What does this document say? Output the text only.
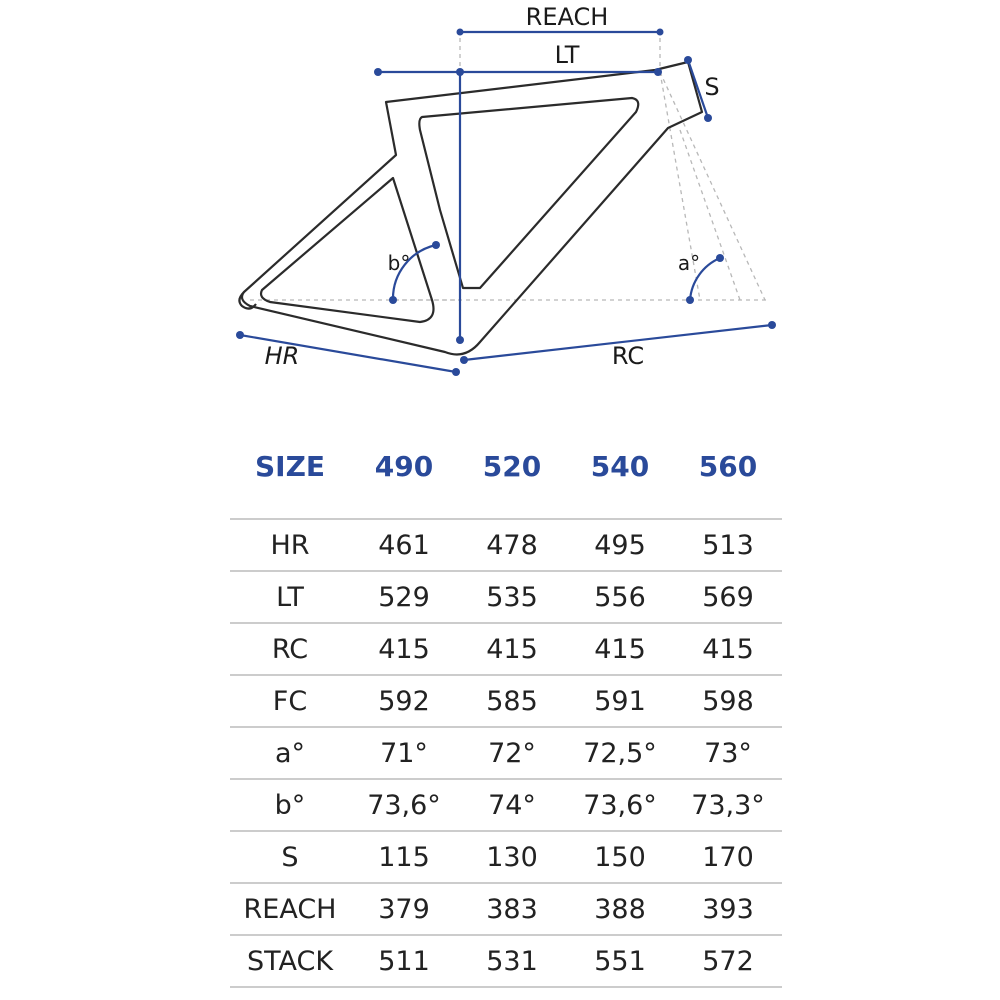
REACH
LT
S
HR	RC
b°	a°
SIZE	490	520	540	560

HR	461	478	495	513
LT	529	535	556	569
RC	415	415	415	415
FC	592	585	591	598
a°	71°	72°	72,5°	73°
b°	73,6°	74°	73,6°	73,3°
S	115	130	150	170
REACH	379	383	388	393
STACK	511	531	551	572
